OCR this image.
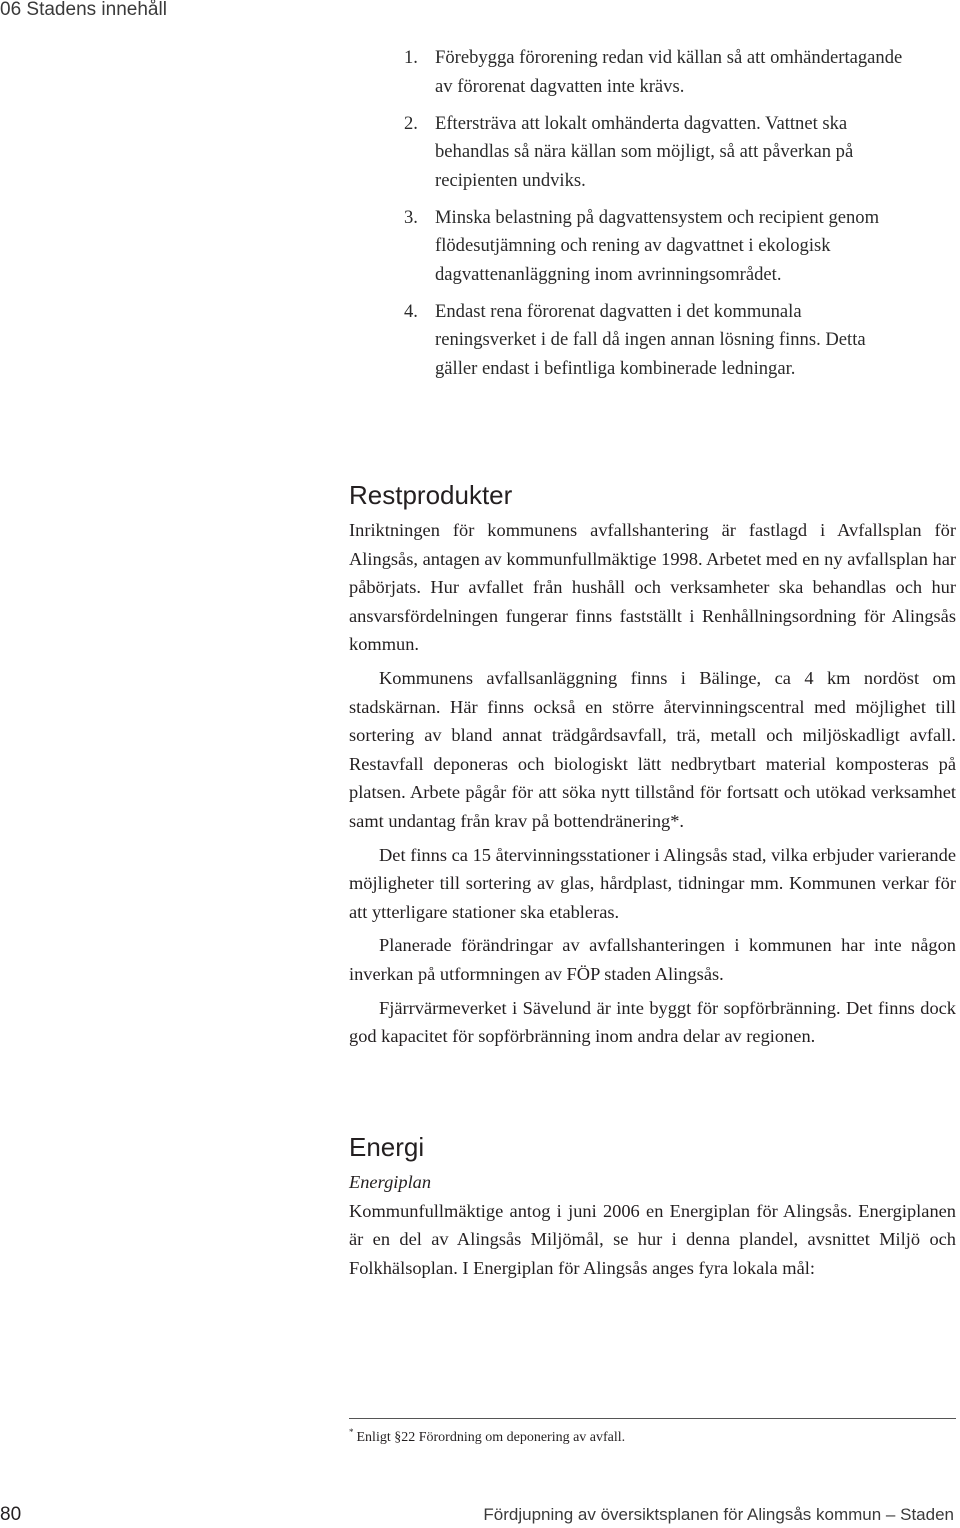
06 Stadens innehåll
1. Förebygga förorening redan vid källan så att omhändertagande av förorenat dagvatten inte krävs.
2. Eftersträva att lokalt omhänderta dagvatten. Vattnet ska behandlas så nära källan som möjligt, så att påverkan på recipienten undviks.
3. Minska belastning på dagvattensystem och recipient genom flödesutjämning och rening av dagvattnet i ekologisk dagvattenanläggning inom avrinningsområdet.
4. Endast rena förorenat dagvatten i det kommunala reningsverket i de fall då ingen annan lösning finns. Detta gäller endast i befintliga kombinerade ledningar.
Restprodukter

Inriktningen för kommunens avfallshantering är fastlagd i Avfallsplan för Alingsås, antagen av kommunfullmäktige 1998. Arbetet med en ny avfallsplan har påbörjats. Hur avfallet från hushåll och verksamheter ska behandlas och hur ansvarsfördelningen fungerar finns fastställt i Renhållningsordning för Alingsås kommun.

Kommunens avfallsanläggning finns i Bälinge, ca 4 km nordöst om stadskärnan. Här finns också en större återvinningscentral med möjlighet till sortering av bland annat trädgårdsavfall, trä, metall och miljöskadligt avfall. Restavfall deponeras och biologiskt lätt nedbrytbart material komposteras på platsen. Arbete pågår för att söka nytt tillstånd för fortsatt och utökad verksamhet samt undantag från krav på bottendränering*.

Det finns ca 15 återvinningsstationer i Alingsås stad, vilka erbjuder varierande möjligheter till sortering av glas, hårdplast, tidningar mm. Kommunen verkar för att ytterligare stationer ska etableras.

Planerade förändringar av avfallshanteringen i kommunen har inte någon inverkan på utformningen av FÖP staden Alingsås.

Fjärrvärmeverket i Sävelund är inte byggt för sopförbränning. Det finns dock god kapacitet för sopförbränning inom andra delar av regionen.

Energi

Energiplan

Kommunfullmäktige antog i juni 2006 en Energiplan för Alingsås. Energiplanen är en del av Alingsås Miljömål, se hur i denna plandel, avsnittet Miljö och Folkhälsoplan. I Energiplan för Alingsås anges fyra lokala mål:

* Enligt §22 Förordning om deponering av avfall.

80	Fördjupning av översiktsplanen för Alingsås kommun – Staden
